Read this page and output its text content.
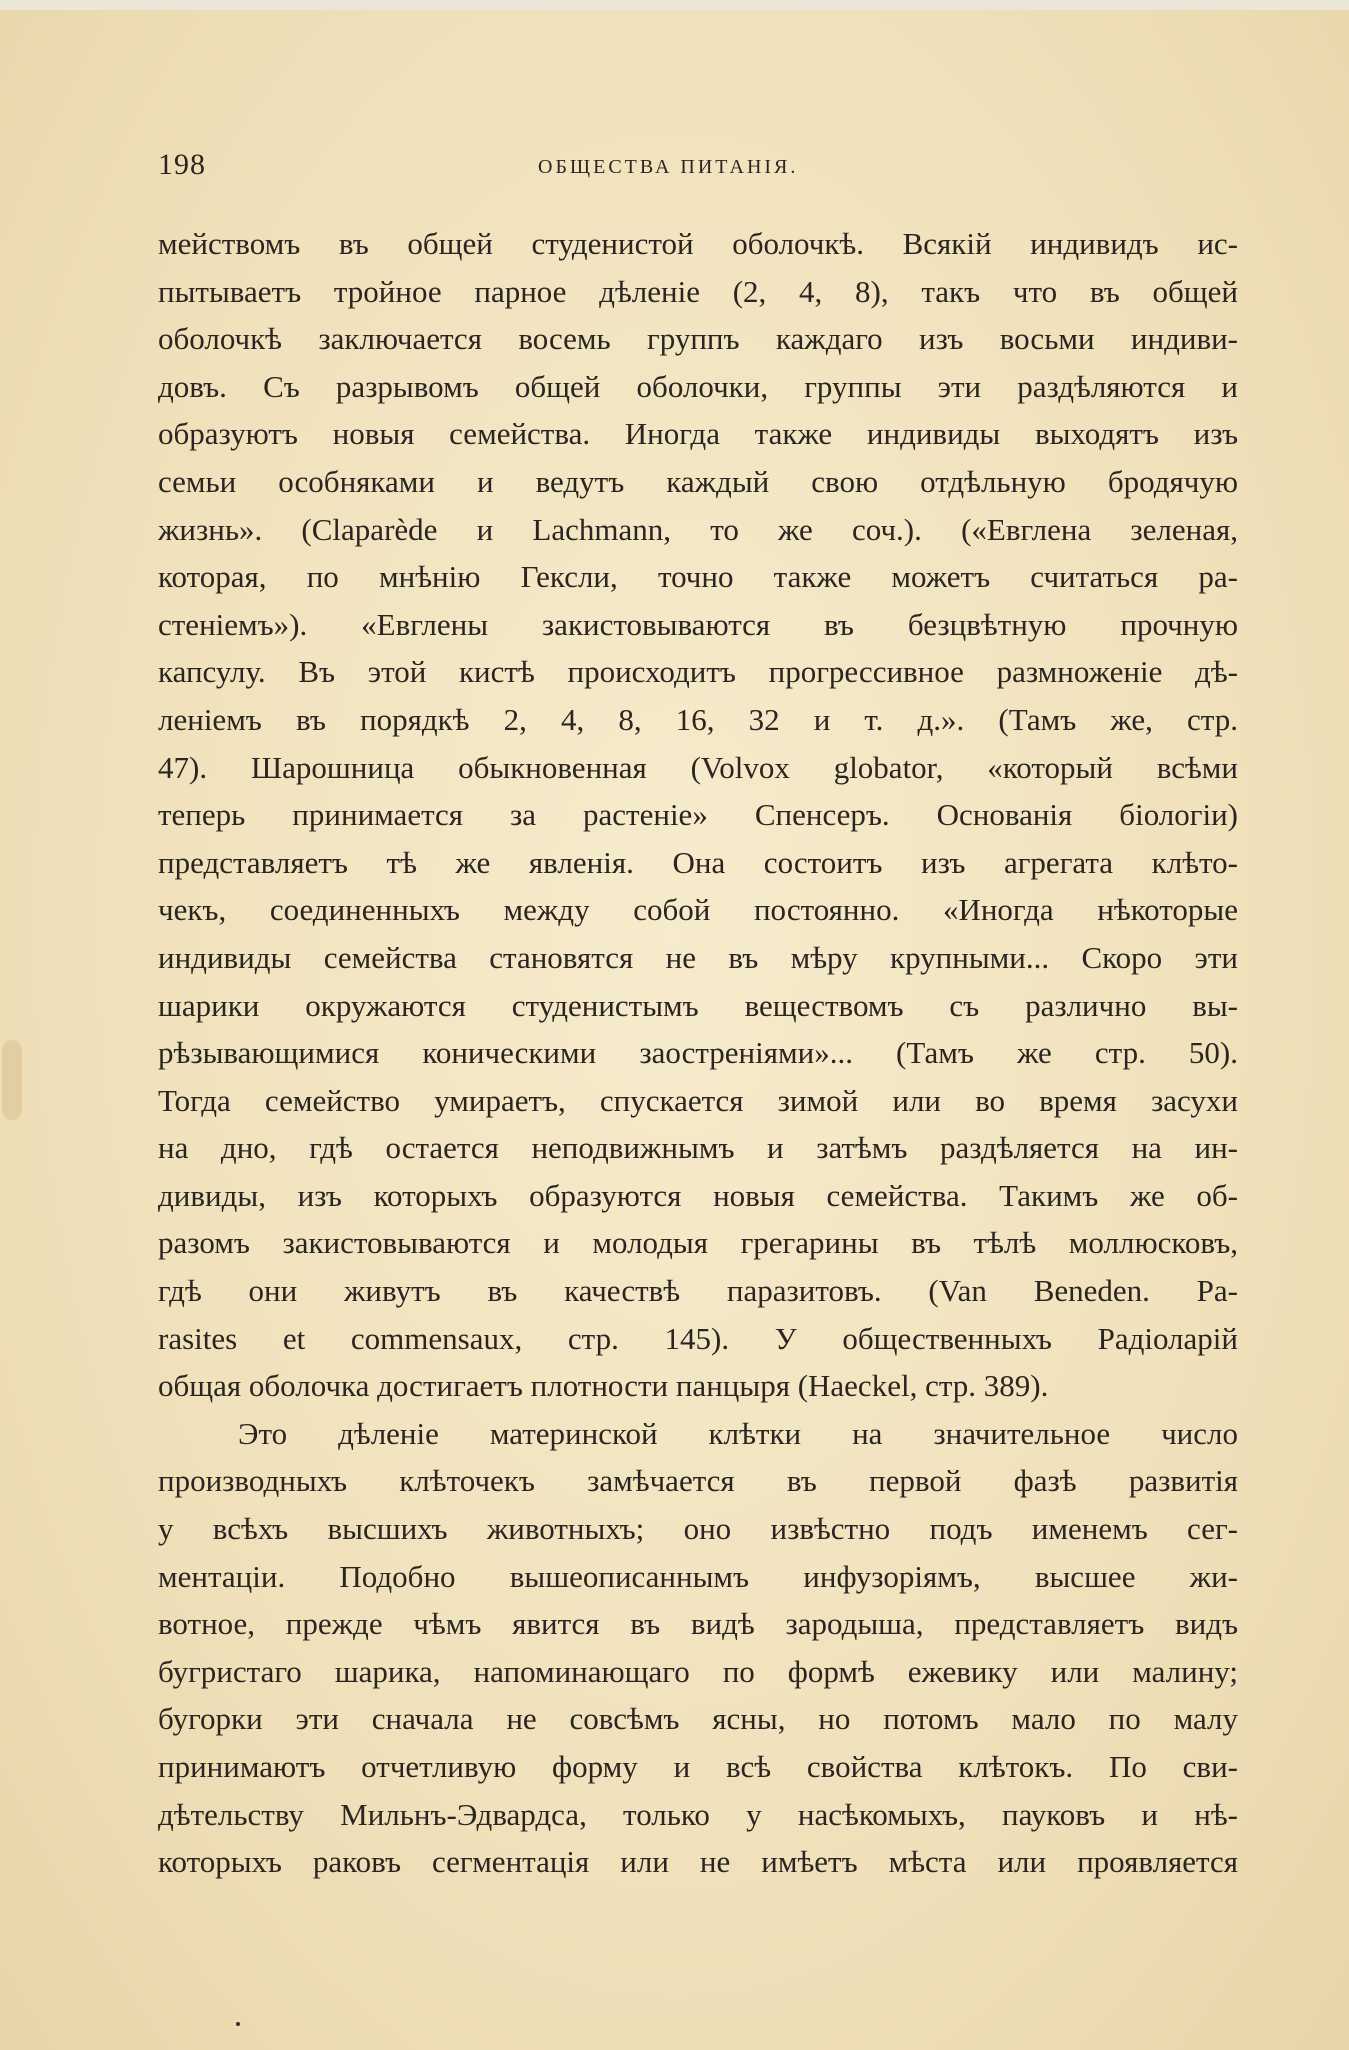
198	ОБЩЕСТВА ПИТАНІЯ.
мействомъ въ общей студенистой оболочкѣ. Всякій индивидъ ис-
пытываетъ тройное парное дѣленіе (2, 4, 8), такъ что въ общей
оболочкѣ заключается восемь группъ каждаго изъ восьми индиви-
довъ. Съ разрывомъ общей оболочки, группы эти раздѣляются и
образуютъ новыя семейства. Иногда также индивиды выходятъ изъ
семьи особняками и ведутъ каждый свою отдѣльную бродячую
жизнь». (Claparède и Lachmann, то же соч.). («Евглена зеленая,
которая, по мнѣнію Гексли, точно также можетъ считаться ра-
стеніемъ»). «Евглены закистовываются въ безцвѣтную прочную
капсулу. Въ этой кистѣ происходитъ прогрессивное размноженіе дѣ-
леніемъ въ порядкѣ 2, 4, 8, 16, 32 и т. д.». (Тамъ же, стр.
47). Шарошница обыкновенная (Volvox globator, «который всѣми
теперь принимается за растеніе» Спенсеръ. Основанія біологіи)
представляетъ тѣ же явленія. Она состоитъ изъ агрегата клѣто-
чекъ, соединенныхъ между собой постоянно. «Иногда нѣкоторые
индивиды семейства становятся не въ мѣру крупными... Скоро эти
шарики окружаются студенистымъ веществомъ съ различно вы-
рѣзывающимися коническими заостреніями»... (Тамъ же стр. 50).
Тогда семейство умираетъ, спускается зимой или во время засухи
на дно, гдѣ остается неподвижнымъ и затѣмъ раздѣляется на ин-
дивиды, изъ которыхъ образуются новыя семейства. Такимъ же об-
разомъ закистовываются и молодыя грегарины въ тѣлѣ моллюсковъ,
гдѣ они живутъ въ качествѣ паразитовъ. (Van Beneden. Pa-
rasites et commensaux, стр. 145). У общественныхъ Радіоларій
общая оболочка достигаетъ плотности панцыря (Haeckel, стр. 389).
Это дѣленіе материнской клѣтки на значительное число
производныхъ клѣточекъ замѣчается въ первой фазѣ развитія
у всѣхъ высшихъ животныхъ; оно извѣстно подъ именемъ сег-
ментаціи. Подобно вышеописаннымъ инфузоріямъ, высшее жи-
вотное, прежде чѣмъ явится въ видѣ зародыша, представляетъ видъ
бугристаго шарика, напоминающаго по формѣ ежевику или малину;
бугорки эти сначала не совсѣмъ ясны, но потомъ мало по малу
принимаютъ отчетливую форму и всѣ свойства клѣтокъ. По сви-
дѣтельству Мильнъ-Эдвардса, только у насѣкомыхъ, пауковъ и нѣ-
которыхъ раковъ сегментація или не имѣетъ мѣста или проявляется
